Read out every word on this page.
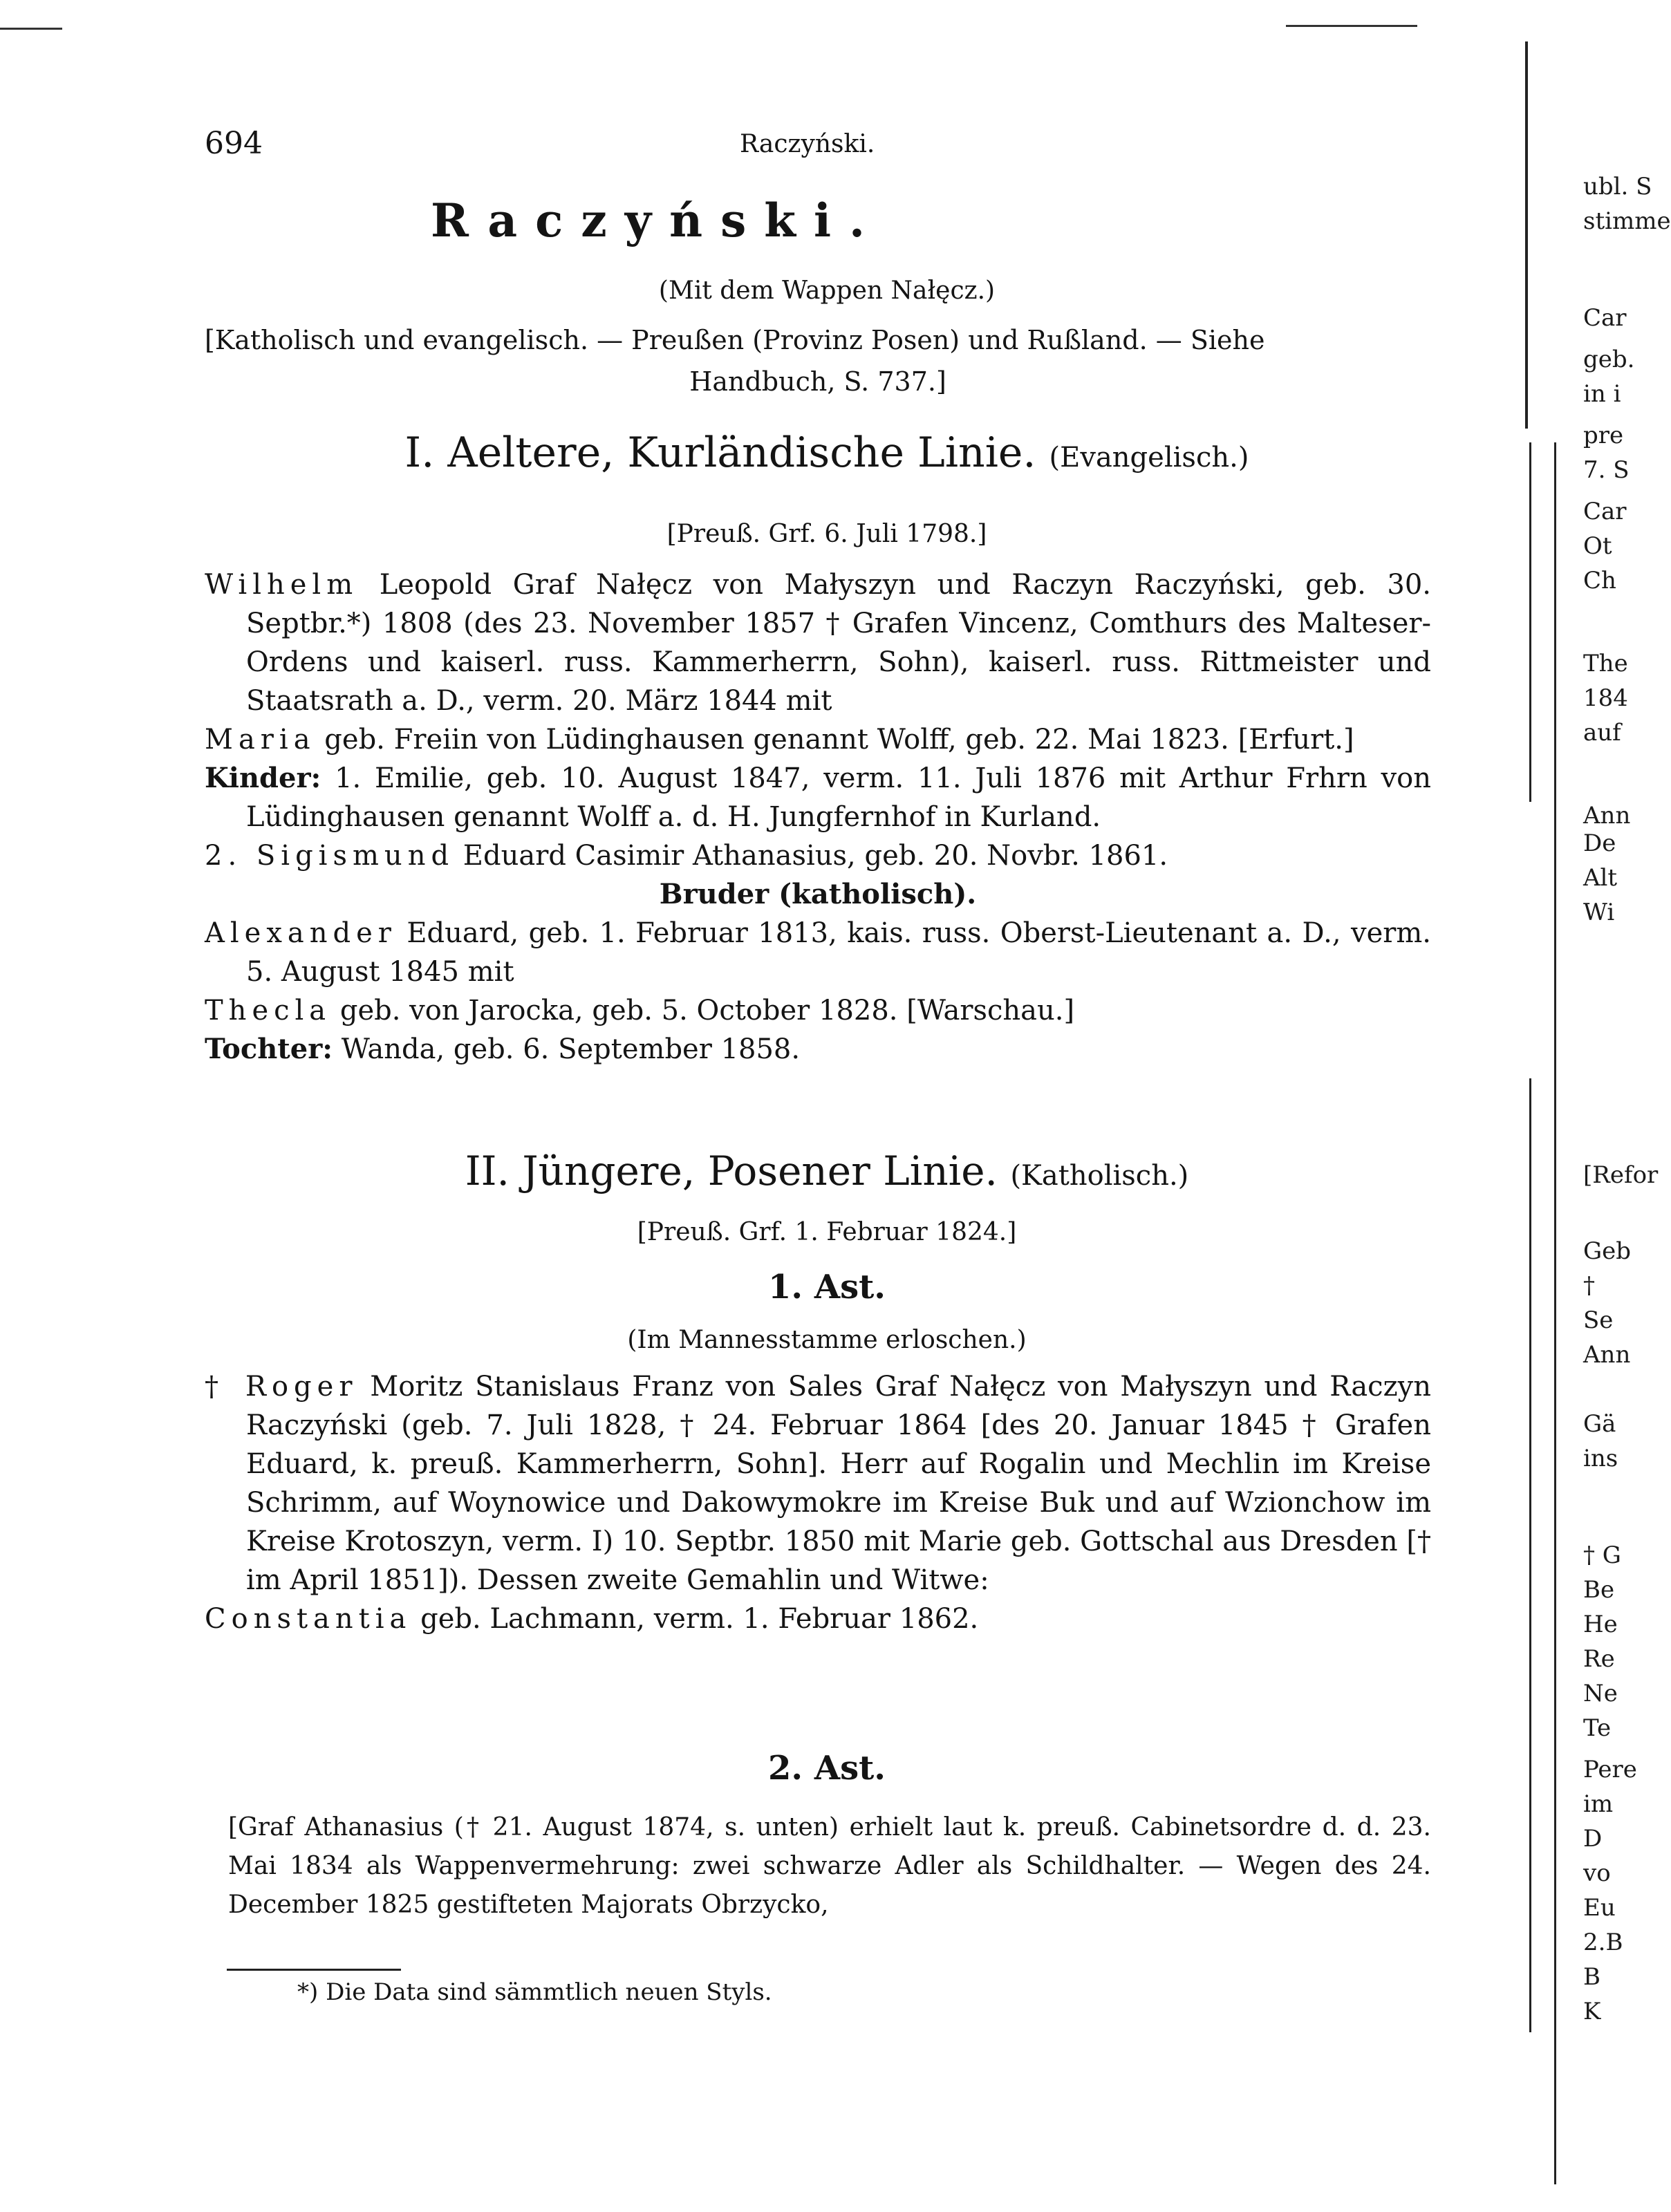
694	Raczyński.
Raczyński.
(Mit dem Wappen Nałęcz.)
[Katholisch und evangelisch. — Preußen (Provinz Posen) und Rußland. — Siehe
Handbuch, S. 737.]
I. Aeltere, Kurländische Linie. (Evangelisch.)
[Preuß. Grf. 6. Juli 1798.]
Wilhelm Leopold Graf Nałęcz von Małyszyn und Raczyn Raczyński, geb. 30. Septbr.*) 1808 (des 23. November 1857 † Grafen Vincenz, Comthurs des Malteser-Ordens und kaiserl. russ. Kammerherrn, Sohn), kaiserl. russ. Rittmeister und Staatsrath a. D., verm. 20. März 1844 mit
Maria geb. Freiin von Lüdinghausen genannt Wolff, geb. 22. Mai 1823. [Erfurt.]
Kinder: 1. Emilie, geb. 10. August 1847, verm. 11. Juli 1876 mit Arthur Frhrn von Lüdinghausen genannt Wolff a. d. H. Jungfernhof in Kurland.
2. Sigismund Eduard Casimir Athanasius, geb. 20. Novbr. 1861.
Bruder (katholisch).
Alexander Eduard, geb. 1. Februar 1813, kais. russ. Oberst-Lieutenant a. D., verm. 5. August 1845 mit
Thecla geb. von Jarocka, geb. 5. October 1828. [Warschau.]
Tochter: Wanda, geb. 6. September 1858.
II. Jüngere, Posener Linie. (Katholisch.)
[Preuß. Grf. 1. Februar 1824.]
1. Ast.
(Im Mannesstamme erloschen.)
† Roger Moritz Stanislaus Franz von Sales Graf Nałęcz von Małyszyn und Raczyn Raczyński (geb. 7. Juli 1828, † 24. Februar 1864 [des 20. Januar 1845 † Grafen Eduard, k. preuß. Kammerherrn, Sohn]. Herr auf Rogalin und Mechlin im Kreise Schrimm, auf Woynowice und Dakowymokre im Kreise Buk und auf Wzionchow im Kreise Krotoszyn, verm. I) 10. Septbr. 1850 mit Marie geb. Gottschal aus Dresden [† im April 1851]). Dessen zweite Gemahlin und Witwe:
Constantia geb. Lachmann, verm. 1. Februar 1862.
2. Ast.
[Graf Athanasius († 21. August 1874, s. unten) erhielt laut k. preuß. Cabinetsordre d. d. 23. Mai 1834 als Wappenvermehrung: zwei schwarze Adler als Schildhalter. — Wegen des 24. December 1825 gestifteten Majorats Obrzycko,
*) Die Data sind sämmtlich neuen Styls.
ubl. S
stimme
Car
geb.
in i
pre
7. S
Car
Ot
Ch
The
184
auf
Ann
De
Alt
Wi
[Refor
Geb
†
Se
Ann
Gä
ins
† G
Be
He
Re
Ne
Te
Pere
im
D
vo
Eu
2.B
B
K
